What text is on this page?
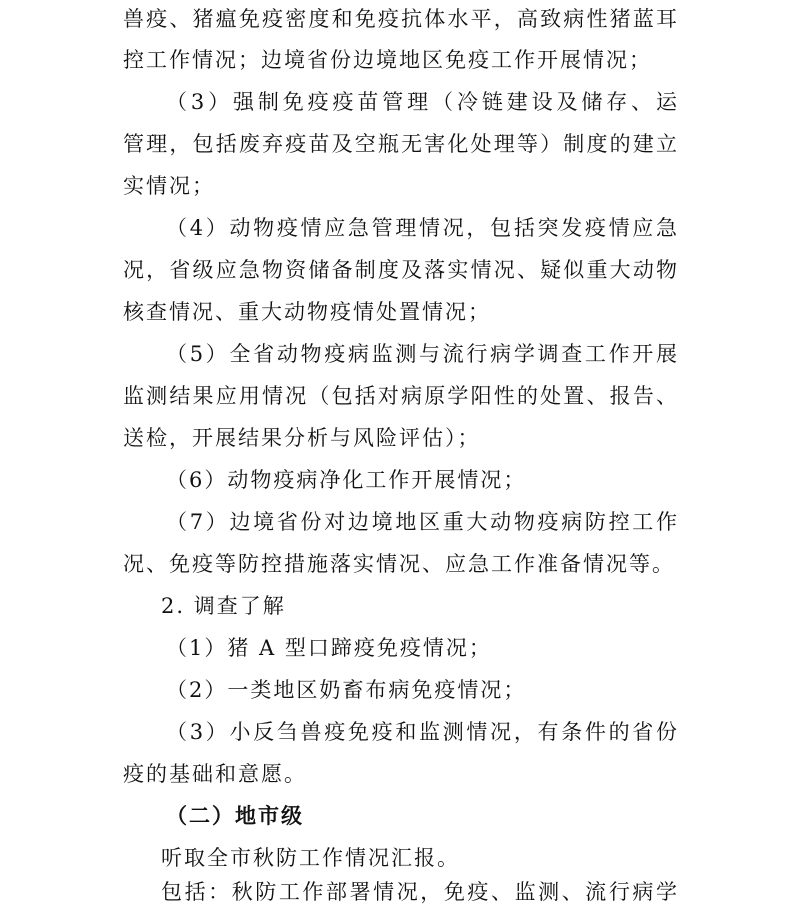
兽疫、猪瘟免疫密度和免疫抗体水平，高致病性猪蓝耳
控工作情况；边境省份边境地区免疫工作开展情况；
（3）强制免疫疫苗管理（冷链建设及储存、运
管理，包括废弃疫苗及空瓶无害化处理等）制度的建立
实情况；
（4）动物疫情应急管理情况，包括突发疫情应急
况，省级应急物资储备制度及落实情况、疑似重大动物
核查情况、重大动物疫情处置情况；
（5）全省动物疫病监测与流行病学调查工作开展
监测结果应用情况（包括对病原学阳性的处置、报告、
送检，开展结果分析与风险评估）；
（6）动物疫病净化工作开展情况；
（7）边境省份对边境地区重大动物疫病防控工作
况、免疫等防控措施落实情况、应急工作准备情况等。
2. 调查了解
（1）猪 A 型口蹄疫免疫情况；
（2）一类地区奶畜布病免疫情况；
（3）小反刍兽疫免疫和监测情况，有条件的省份
疫的基础和意愿。
（二）地市级
听取全市秋防工作情况汇报。
包括：秋防工作部署情况，免疫、监测、流行病学
